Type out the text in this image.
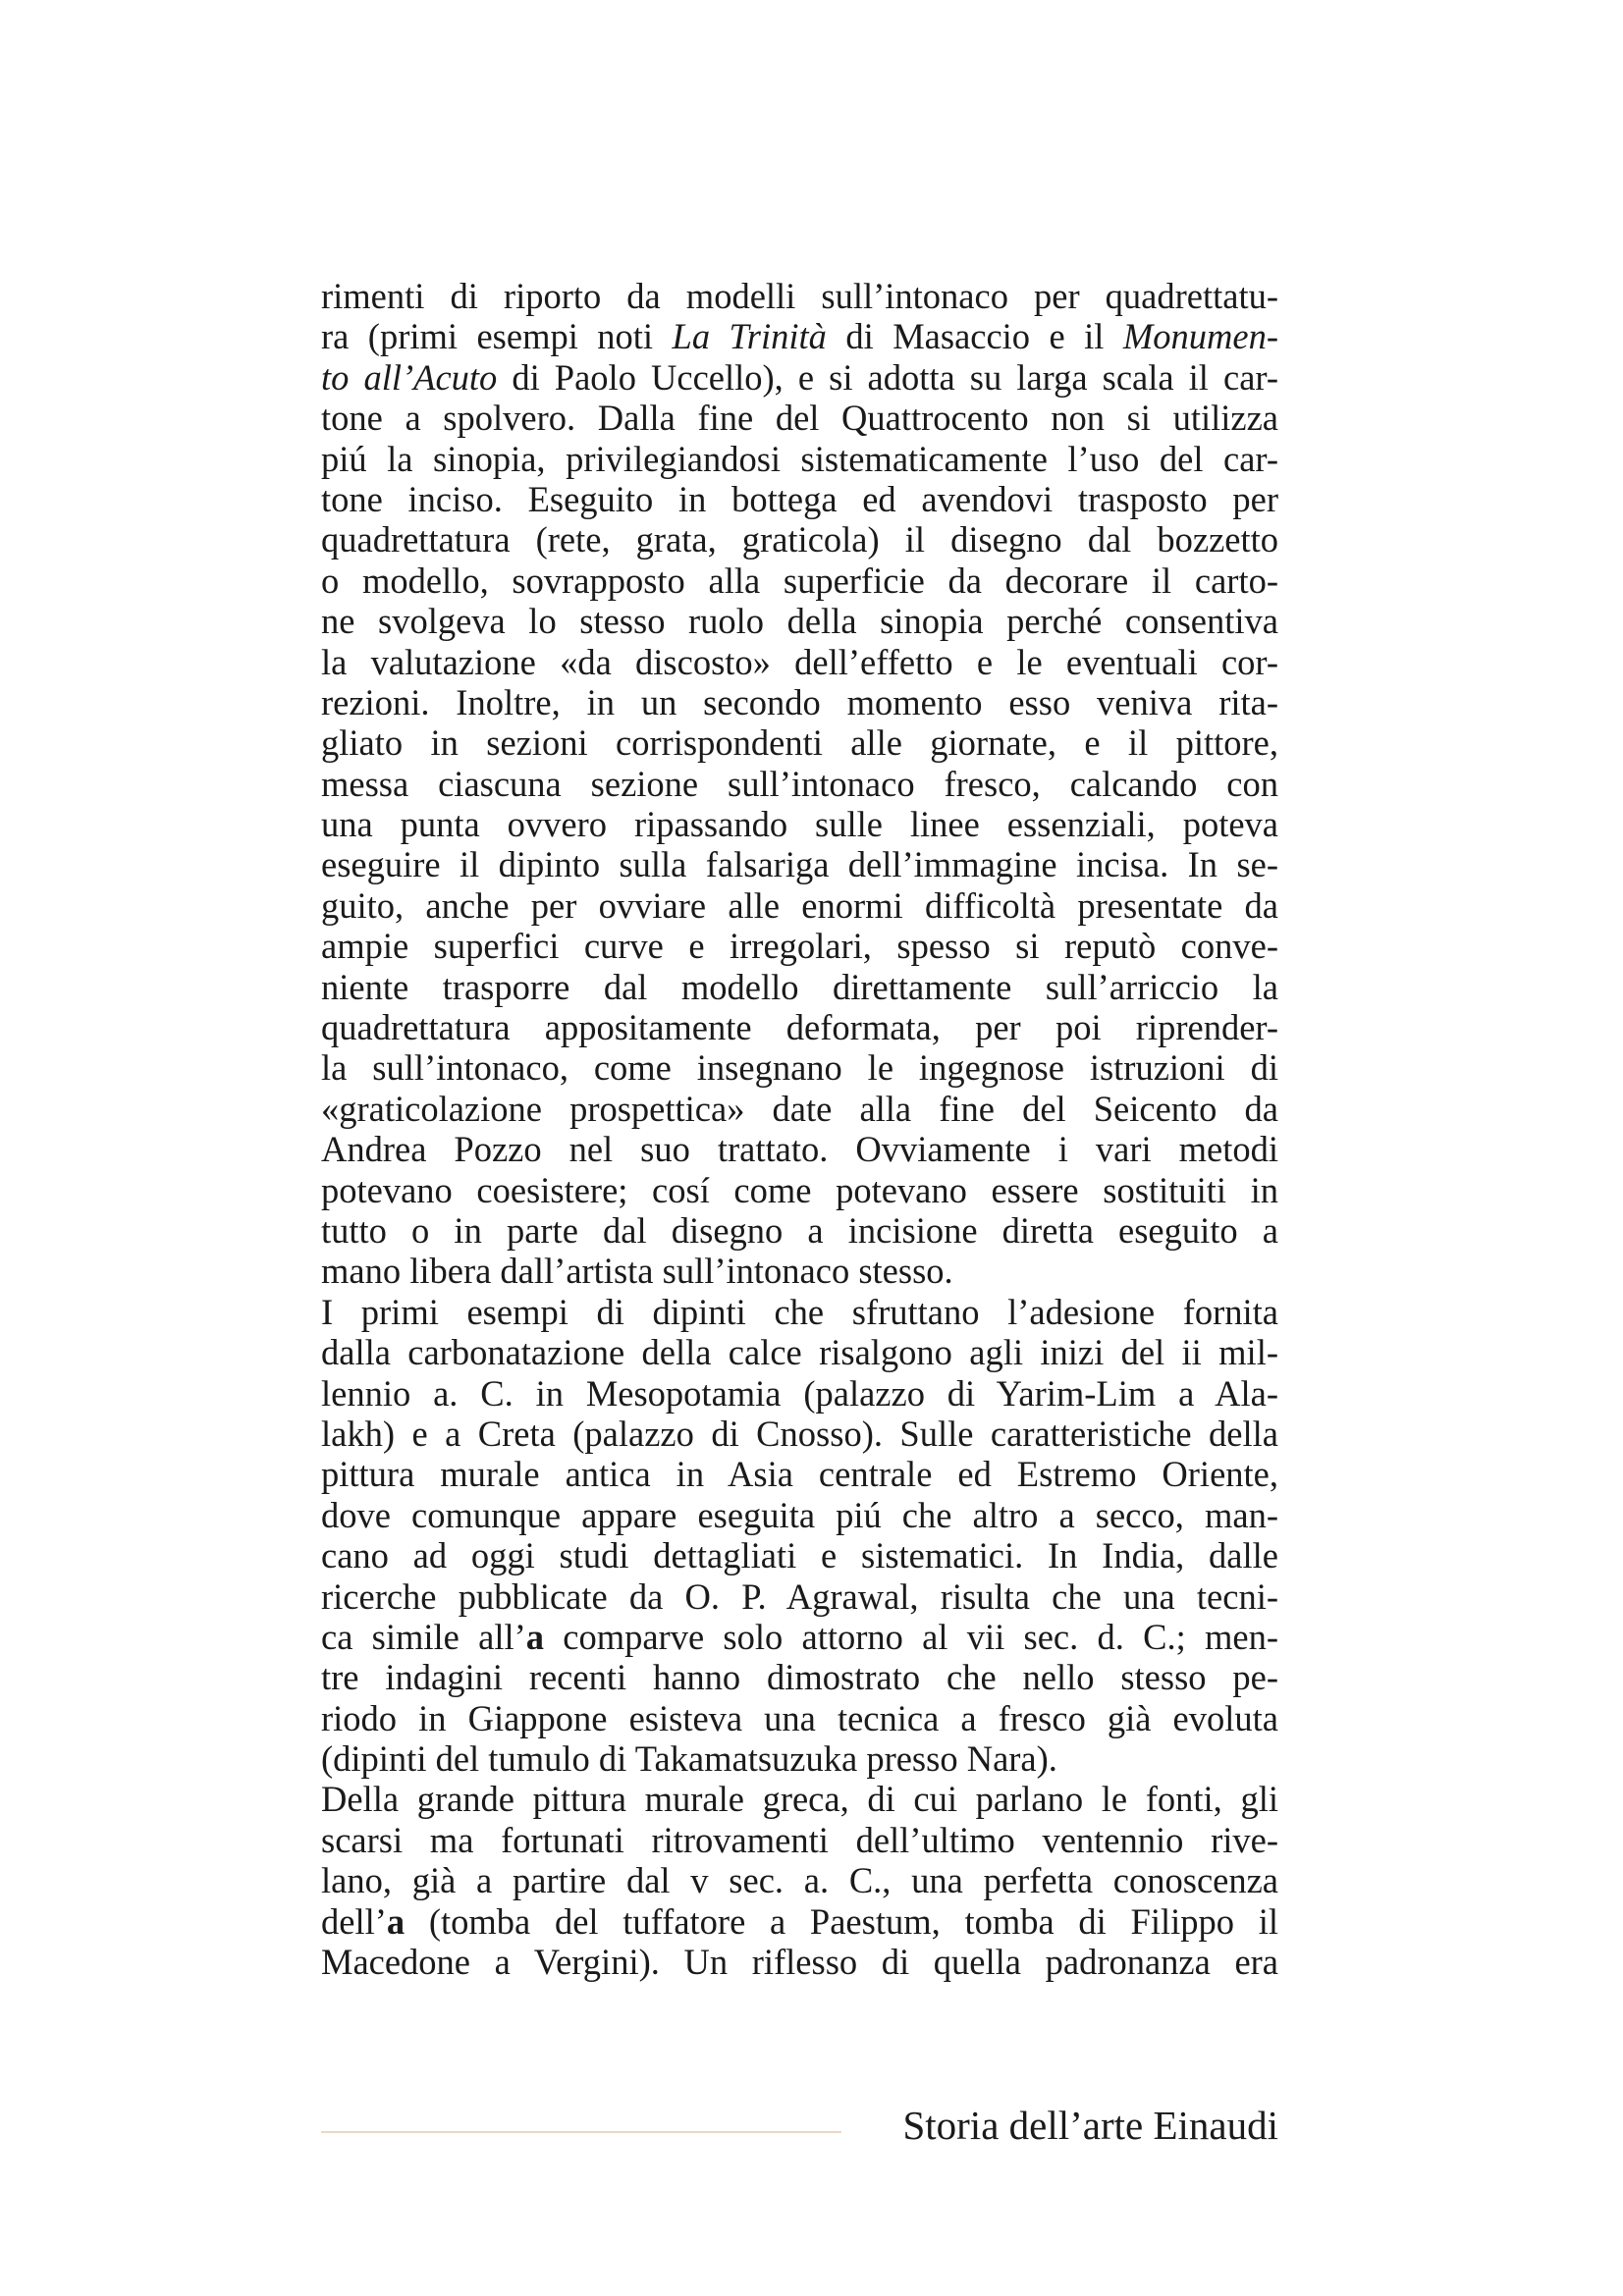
rimenti di riporto da modelli sull’intonaco per quadrettatu-
ra (primi esempi noti La Trinità di Masaccio e il Monumen-
to all’Acuto di Paolo Uccello), e si adotta su larga scala il car-
tone a spolvero. Dalla fine del Quattrocento non si utilizza
piú la sinopia, privilegiandosi sistematicamente l’uso del car-
tone inciso. Eseguito in bottega ed avendovi trasposto per
quadrettatura (rete, grata, graticola) il disegno dal bozzetto
o modello, sovrapposto alla superficie da decorare il carto-
ne svolgeva lo stesso ruolo della sinopia perché consentiva
la valutazione «da discosto» dell’effetto e le eventuali cor-
rezioni. Inoltre, in un secondo momento esso veniva rita-
gliato in sezioni corrispondenti alle giornate, e il pittore,
messa ciascuna sezione sull’intonaco fresco, calcando con
una punta ovvero ripassando sulle linee essenziali, poteva
eseguire il dipinto sulla falsariga dell’immagine incisa. In se-
guito, anche per ovviare alle enormi difficoltà presentate da
ampie superfici curve e irregolari, spesso si reputò conve-
niente trasporre dal modello direttamente sull’arriccio la
quadrettatura appositamente deformata, per poi riprender-
la sull’intonaco, come insegnano le ingegnose istruzioni di
«graticolazione prospettica» date alla fine del Seicento da
Andrea Pozzo nel suo trattato. Ovviamente i vari metodi
potevano coesistere; cosí come potevano essere sostituiti in
tutto o in parte dal disegno a incisione diretta eseguito a
mano libera dall’artista sull’intonaco stesso.
I primi esempi di dipinti che sfruttano l’adesione fornita
dalla carbonatazione della calce risalgono agli inizi del ii mil-
lennio a. C. in Mesopotamia (palazzo di Yarim-Lim a Ala-
lakh) e a Creta (palazzo di Cnosso). Sulle caratteristiche della
pittura murale antica in Asia centrale ed Estremo Oriente,
dove comunque appare eseguita piú che altro a secco, man-
cano ad oggi studi dettagliati e sistematici. In India, dalle
ricerche pubblicate da O. P. Agrawal, risulta che una tecni-
ca simile all’a comparve solo attorno al vii sec. d. C.; men-
tre indagini recenti hanno dimostrato che nello stesso pe-
riodo in Giappone esisteva una tecnica a fresco già evoluta
(dipinti del tumulo di Takamatsuzuka presso Nara).
Della grande pittura murale greca, di cui parlano le fonti, gli
scarsi ma fortunati ritrovamenti dell’ultimo ventennio rive-
lano, già a partire dal v sec. a. C., una perfetta conoscenza
dell’a (tomba del tuffatore a Paestum, tomba di Filippo il
Macedone a Vergini). Un riflesso di quella padronanza era
Storia dell’arte Einaudi
